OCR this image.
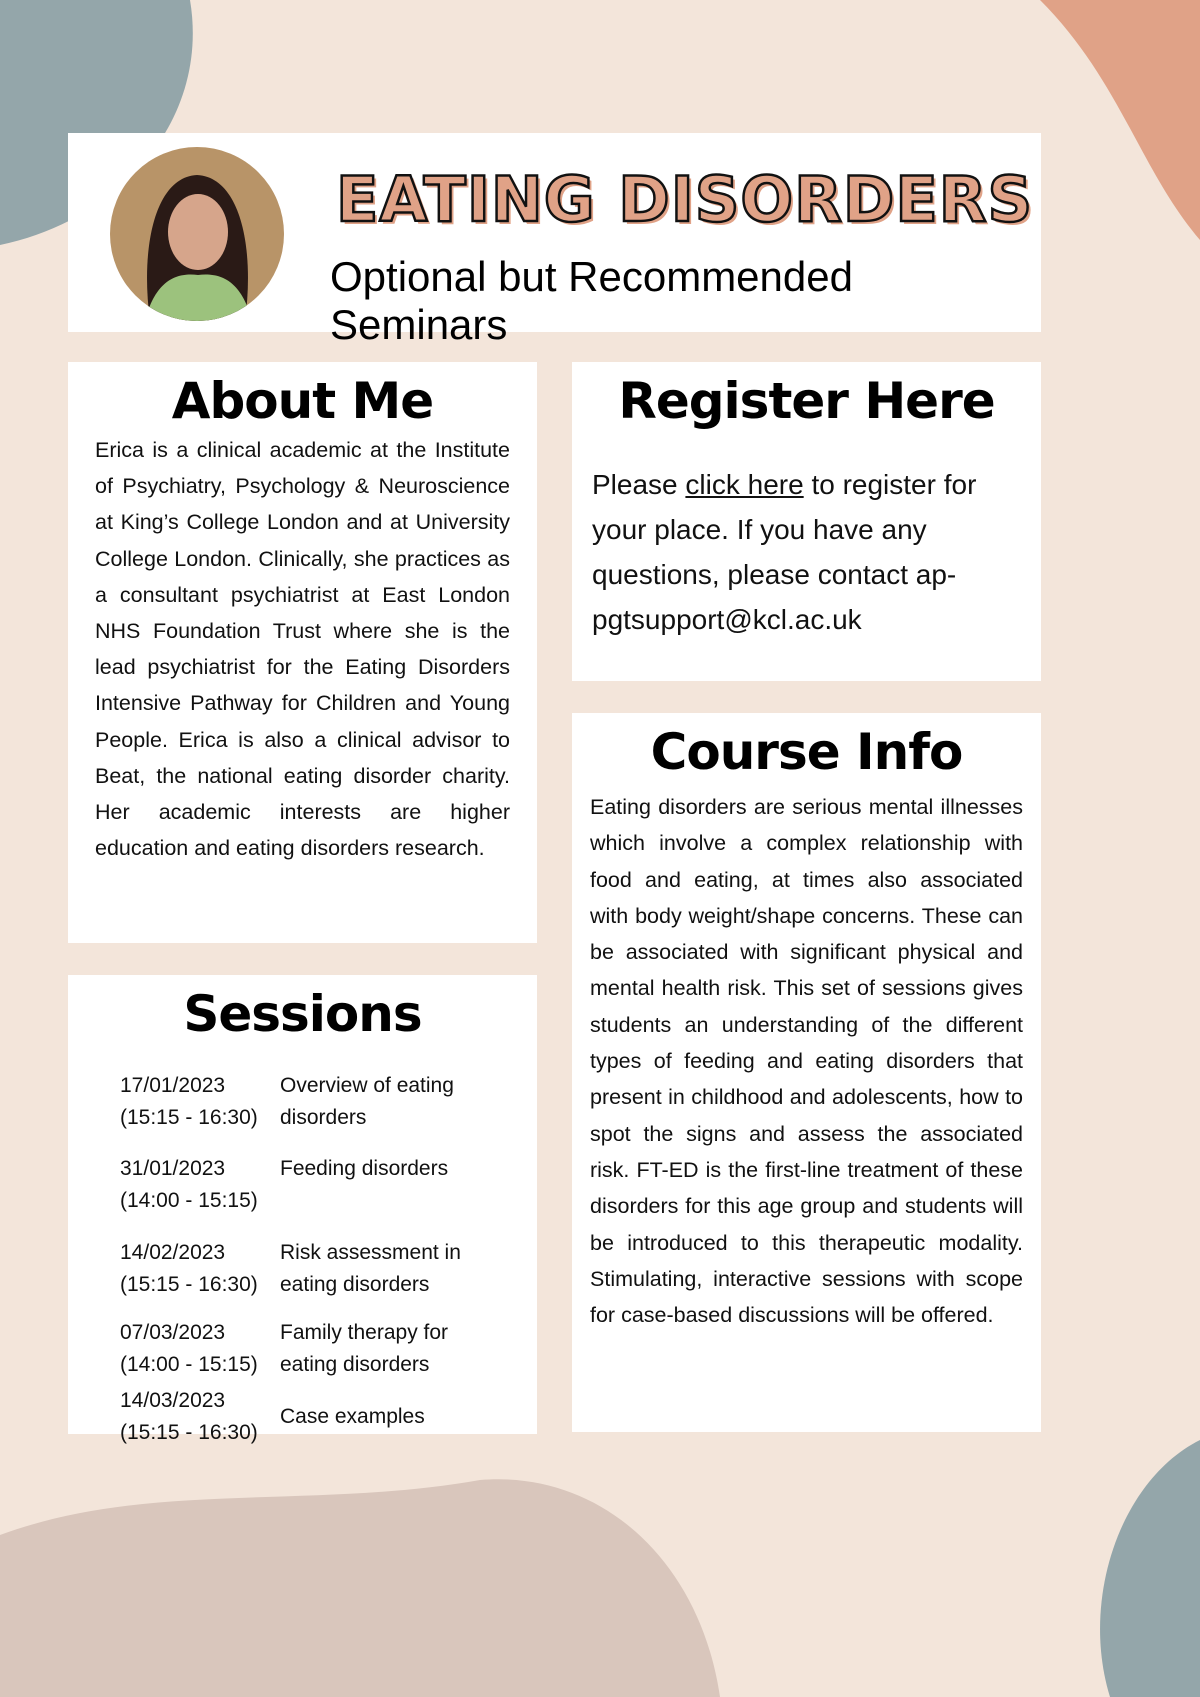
EATING DISORDERS
Optional but Recommended Seminars
About Me
Erica is a clinical academic at the Institute of Psychiatry, Psychology & Neuroscience at King’s College London and at University College London. Clinically, she practices as a consultant psychiatrist at East London NHS Foundation Trust where she is the lead psychiatrist for the Eating Disorders Intensive Pathway for Children and Young People. Erica is also a clinical advisor to Beat, the national eating disorder charity. Her academic interests are higher education and eating disorders research.
Register Here
Please click here to register for your place. If you have any questions, please contact ap-pgtsupport@kcl.ac.uk
Course Info
Eating disorders are serious mental illnesses which involve a complex relationship with food and eating, at times also associated with body weight/shape concerns. These can be associated with significant physical and mental health risk. This set of sessions gives students an understanding of the different types of feeding and eating disorders that present in childhood and adolescents, how to spot the signs and assess the associated risk. FT-ED is the first-line treatment of these disorders for this age group and students will be introduced to this therapeutic modality. Stimulating, interactive sessions with scope for case-based discussions will be offered.
Sessions
17/01/2023
(15:15 - 16:30)
Overview of eating disorders
31/01/2023
(14:00 - 15:15)
Feeding disorders
14/02/2023
(15:15 - 16:30)
Risk assessment in eating disorders
07/03/2023
(14:00 - 15:15)
Family therapy for eating disorders
14/03/2023
(15:15 - 16:30)
Case examples
